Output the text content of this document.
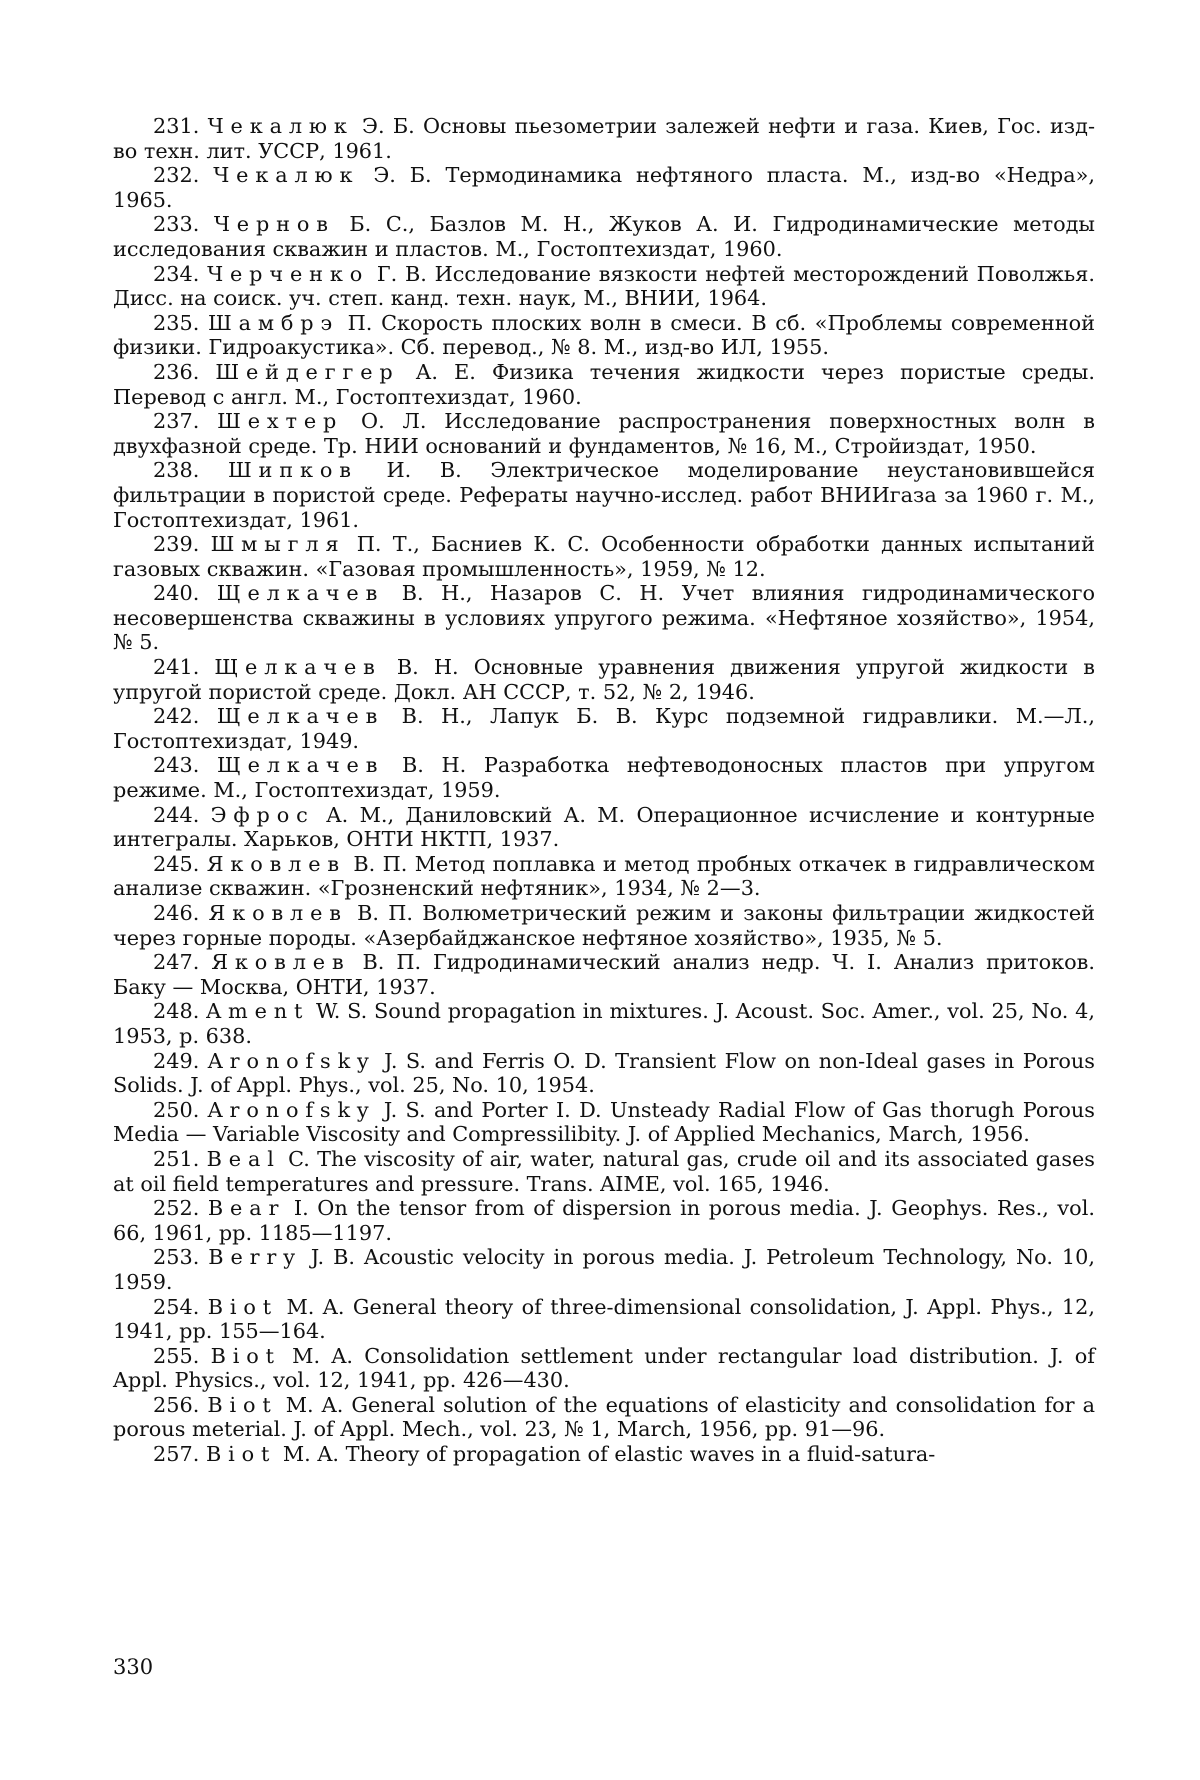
231. Чекалюк Э. Б. Основы пьезометрии залежей нефти и газа. Киев, Гос. изд-во техн. лит. УССР, 1961.

232. Чекалюк Э. Б. Термодинамика нефтяного пласта. М., изд-во «Недра», 1965.

233. Чернов Б. С., Базлов М. Н., Жуков А. И. Гидродинамические методы исследования скважин и пластов. М., Гостоптехиздат, 1960.

234. Черченко Г. В. Исследование вязкости нефтей месторождений Поволжья. Дисс. на соиск. уч. степ. канд. техн. наук, М., ВНИИ, 1964.

235. Шамбрэ П. Скорость плоских волн в смеси. В сб. «Проблемы современной физики. Гидроакустика». Сб. перевод., № 8. М., изд-во ИЛ, 1955.

236. Шейдеггер А. Е. Физика течения жидкости через пористые среды. Перевод с англ. М., Гостоптехиздат, 1960.

237. Шехтер О. Л. Исследование распространения поверхностных волн в двухфазной среде. Тр. НИИ оснований и фундаментов, № 16, М., Стройиздат, 1950.

238. Шипков И. В. Электрическое моделирование неустановившейся фильтрации в пористой среде. Рефераты научно-исслед. работ ВНИИгаза за 1960 г. М., Гостоптехиздат, 1961.

239. Шмыгля П. Т., Басниев К. С. Особенности обработки данных испытаний газовых скважин. «Газовая промышленность», 1959, № 12.

240. Щелкачев В. Н., Назаров С. Н. Учет влияния гидродинамического несовершенства скважины в условиях упругого режима. «Нефтяное хозяйство», 1954, № 5.

241. Щелкачев В. Н. Основные уравнения движения упругой жидкости в упругой пористой среде. Докл. АН СССР, т. 52, № 2, 1946.

242. Щелкачев В. Н., Лапук Б. В. Курс подземной гидравлики. М.—Л., Гостоптехиздат, 1949.

243. Щелкачев В. Н. Разработка нефтеводоносных пластов при упругом режиме. М., Гостоптехиздат, 1959.

244. Эфрос А. М., Даниловский А. М. Операционное исчисление и контурные интегралы. Харьков, ОНТИ НКТП, 1937.

245. Яковлев В. П. Метод поплавка и метод пробных откачек в гидравлическом анализе скважин. «Грозненский нефтяник», 1934, № 2—3.

246. Яковлев В. П. Волюметрический режим и законы фильтрации жидкостей через горные породы. «Азербайджанское нефтяное хозяйство», 1935, № 5.

247. Яковлев В. П. Гидродинамический анализ недр. Ч. I. Анализ притоков. Баку — Москва, ОНТИ, 1937.

248. Ament W. S. Sound propagation in mixtures. J. Acoust. Soc. Amer., vol. 25, No. 4, 1953, p. 638.

249. Aronofsky J. S. and Ferris O. D. Transient Flow on non-Ideal gases in Porous Solids. J. of Appl. Phys., vol. 25, No. 10, 1954.

250. Aronofsky J. S. and Porter I. D. Unsteady Radial Flow of Gas thorugh Porous Media — Variable Viscosity and Compressilibity. J. of Applied Mechanics, March, 1956.

251. Beal C. The viscosity of air, water, natural gas, crude oil and its associated gases at oil field temperatures and pressure. Trans. AIME, vol. 165, 1946.

252. Bear I. On the tensor from of dispersion in porous media. J. Geophys. Res., vol. 66, 1961, pp. 1185—1197.

253. Berry J. B. Acoustic velocity in porous media. J. Petroleum Technology, No. 10, 1959.

254. Biot M. A. General theory of three-dimensional consolidation, J. Appl. Phys., 12, 1941, pp. 155—164.

255. Biot M. A. Consolidation settlement under rectangular load distribution. J. of Appl. Physics., vol. 12, 1941, pp. 426—430.

256. Biot M. A. General solution of the equations of elasticity and consolidation for a porous meterial. J. of Appl. Mech., vol. 23, № 1, March, 1956, pp. 91—96.

257. Biot M. A. Theory of propagation of elastic waves in a fluid-satura-

330
